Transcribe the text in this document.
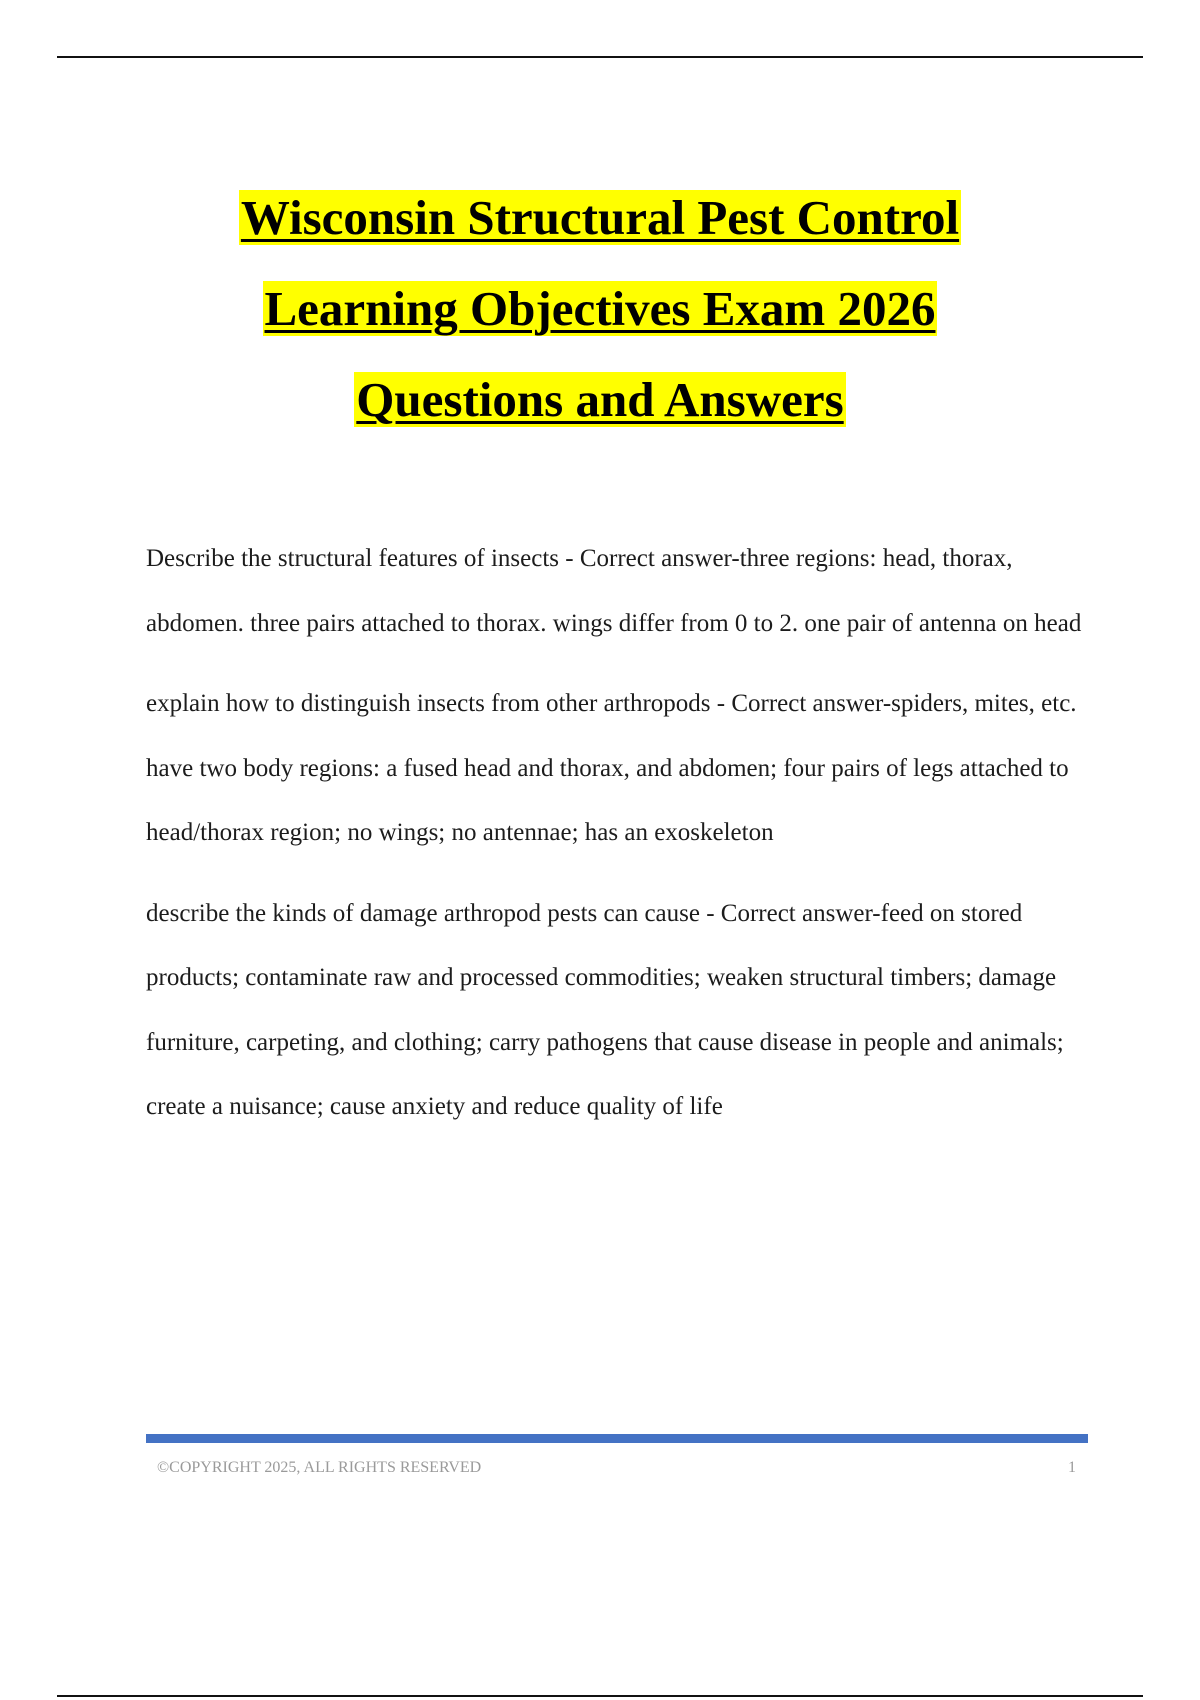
Wisconsin Structural Pest Control
Learning Objectives Exam 2026
Questions and Answers

Describe the structural features of insects - Correct answer-three regions: head, thorax, abdomen. three pairs attached to thorax. wings differ from 0 to 2. one pair of antenna on head

explain how to distinguish insects from other arthropods - Correct answer-spiders, mites, etc. have two body regions: a fused head and thorax, and abdomen; four pairs of legs attached to head/thorax region; no wings; no antennae; has an exoskeleton

describe the kinds of damage arthropod pests can cause - Correct answer-feed on stored products; contaminate raw and processed commodities; weaken structural timbers; damage furniture, carpeting, and clothing; carry pathogens that cause disease in people and animals; create a nuisance; cause anxiety and reduce quality of life

©COPYRIGHT 2025, ALL RIGHTS RESERVED	1
